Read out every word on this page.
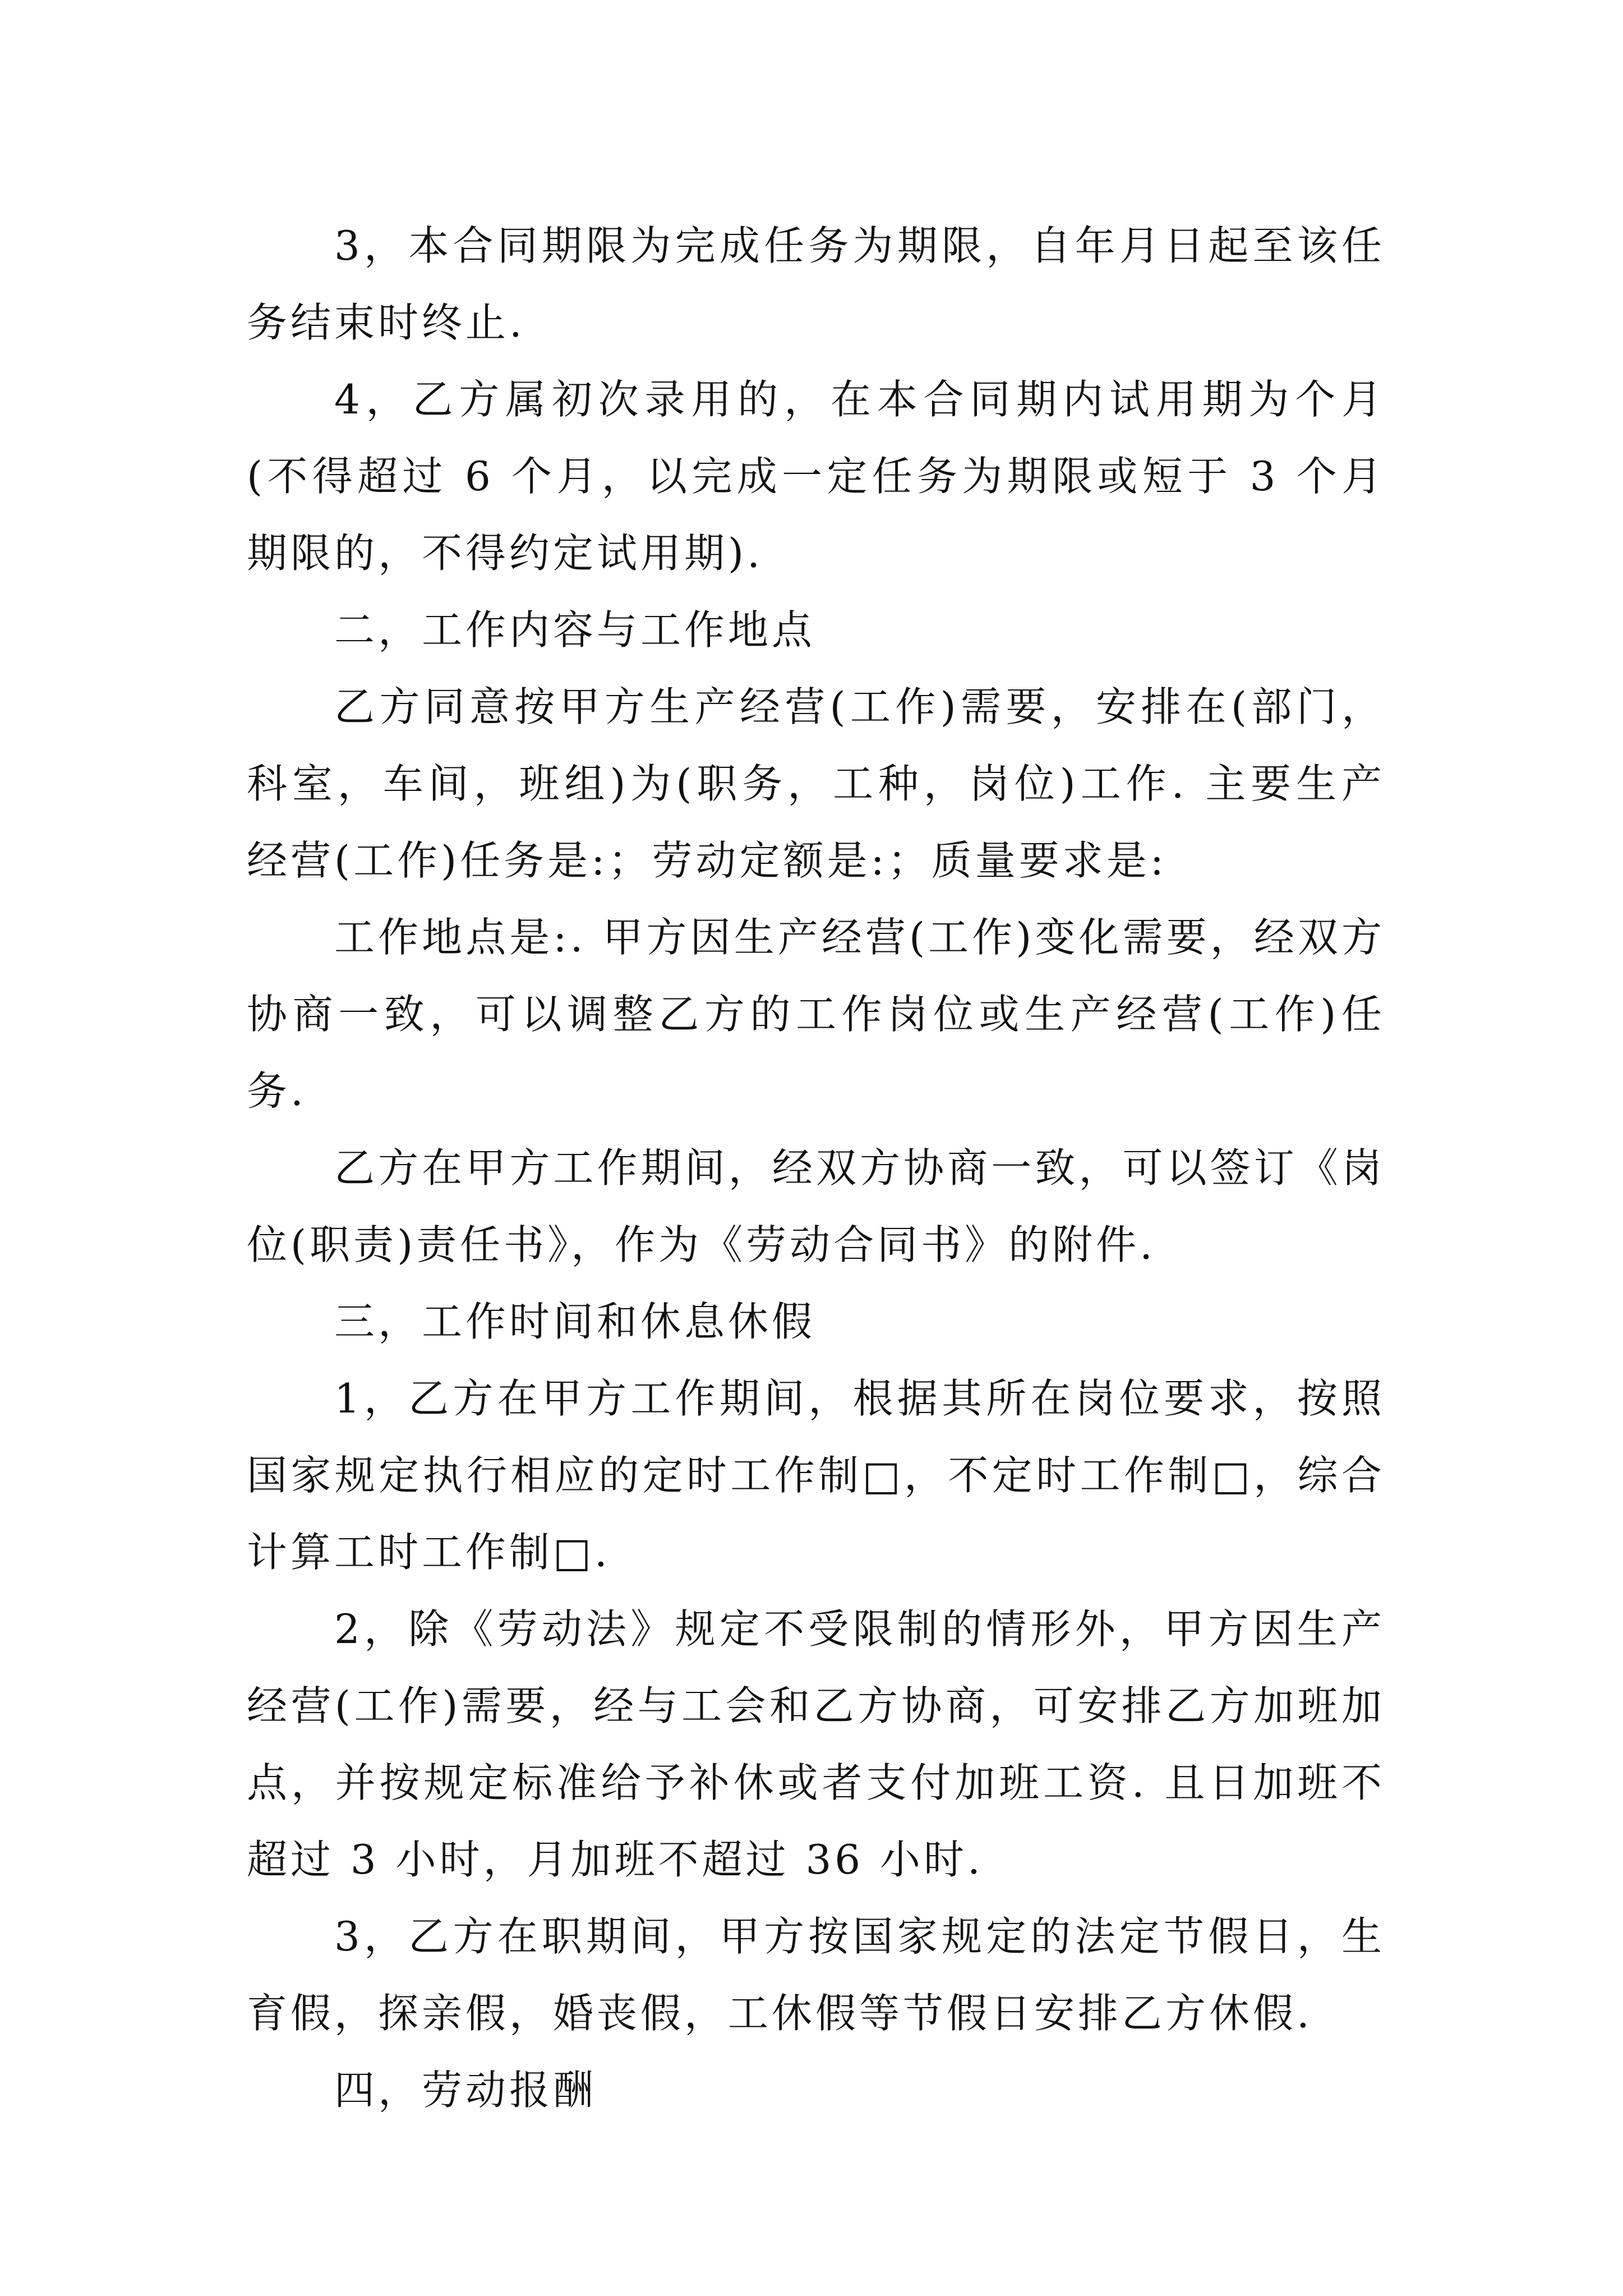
3，本合同期限为完成任务为期限，自年月日起至该任务结束时终止.

4，乙方属初次录用的，在本合同期内试用期为个月(不得超过 6 个月，以完成一定任务为期限或短于 3 个月期限的，不得约定试用期).

二，工作内容与工作地点

乙方同意按甲方生产经营(工作)需要，安排在(部门，科室，车间，班组)为(职务，工种，岗位)工作. 主要生产经营(工作)任务是:；劳动定额是:；质量要求是:

工作地点是:. 甲方因生产经营(工作)变化需要，经双方协商一致，可以调整乙方的工作岗位或生产经营(工作)任务.

乙方在甲方工作期间，经双方协商一致，可以签订《岗位(职责)责任书》，作为《劳动合同书》的附件.

三，工作时间和休息休假

1，乙方在甲方工作期间，根据其所在岗位要求，按照国家规定执行相应的定时工作制□，不定时工作制□，综合计算工时工作制□.

2，除《劳动法》规定不受限制的情形外，甲方因生产经营(工作)需要，经与工会和乙方协商，可安排乙方加班加点，并按规定标准给予补休或者支付加班工资. 且日加班不超过 3 小时，月加班不超过 36 小时.

3，乙方在职期间，甲方按国家规定的法定节假日，生育假，探亲假，婚丧假，工休假等节假日安排乙方休假.

四，劳动报酬
